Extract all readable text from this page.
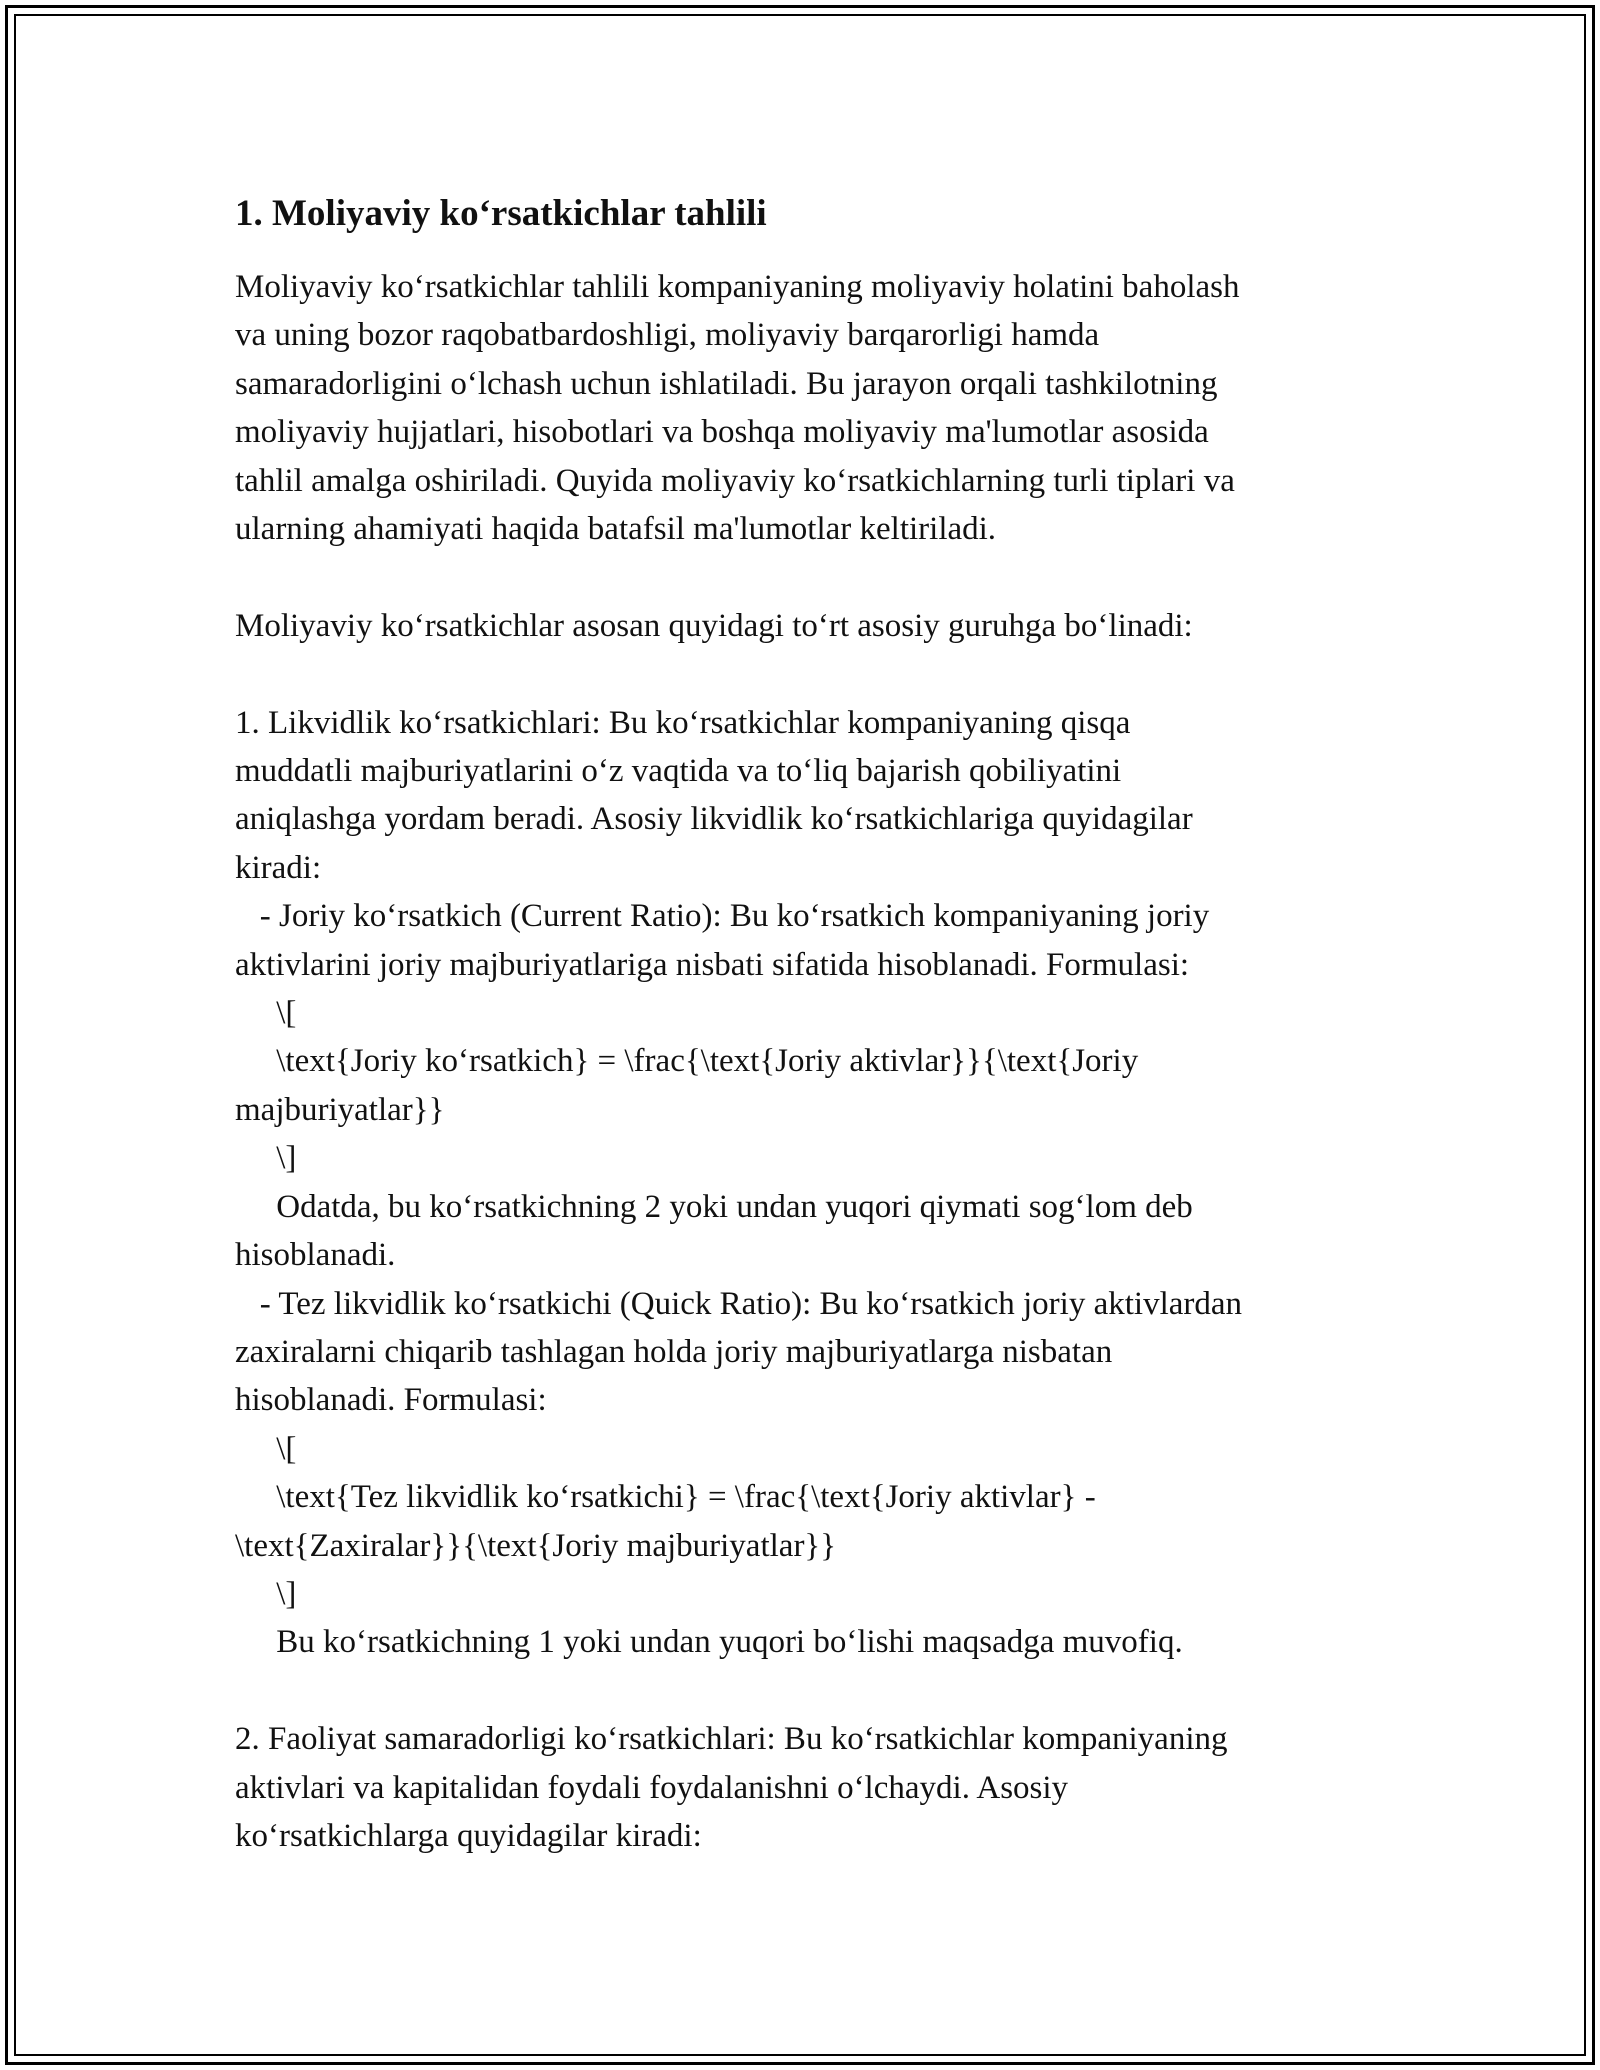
1. Moliyaviy koʻrsatkichlar tahlili
Moliyaviy koʻrsatkichlar tahlili kompaniyaning moliyaviy holatini baholash
va uning bozor raqobatbardoshligi, moliyaviy barqarorligi hamda
samaradorligini oʻlchash uchun ishlatiladi. Bu jarayon orqali tashkilotning
moliyaviy hujjatlari, hisobotlari va boshqa moliyaviy ma'lumotlar asosida
tahlil amalga oshiriladi. Quyida moliyaviy koʻrsatkichlarning turli tiplari va
ularning ahamiyati haqida batafsil ma'lumotlar keltiriladi.
Moliyaviy koʻrsatkichlar asosan quyidagi toʻrt asosiy guruhga boʻlinadi:
1. Likvidlik koʻrsatkichlari: Bu koʻrsatkichlar kompaniyaning qisqa
muddatli majburiyatlarini oʻz vaqtida va toʻliq bajarish qobiliyatini
aniqlashga yordam beradi. Asosiy likvidlik koʻrsatkichlariga quyidagilar
kiradi:
- Joriy koʻrsatkich (Current Ratio): Bu koʻrsatkich kompaniyaning joriy
aktivlarini joriy majburiyatlariga nisbati sifatida hisoblanadi. Formulasi:
\[
\text{Joriy koʻrsatkich} = \frac{\text{Joriy aktivlar}}{\text{Joriy
majburiyatlar}}
\]
Odatda, bu koʻrsatkichning 2 yoki undan yuqori qiymati sogʻlom deb
hisoblanadi.
- Tez likvidlik koʻrsatkichi (Quick Ratio): Bu koʻrsatkich joriy aktivlardan
zaxiralarni chiqarib tashlagan holda joriy majburiyatlarga nisbatan
hisoblanadi. Formulasi:
\[
\text{Tez likvidlik koʻrsatkichi} = \frac{\text{Joriy aktivlar} -
\text{Zaxiralar}}{\text{Joriy majburiyatlar}}
\]
Bu koʻrsatkichning 1 yoki undan yuqori boʻlishi maqsadga muvofiq.
2. Faoliyat samaradorligi koʻrsatkichlari: Bu koʻrsatkichlar kompaniyaning
aktivlari va kapitalidan foydali foydalanishni oʻlchaydi. Asosiy
koʻrsatkichlarga quyidagilar kiradi:
